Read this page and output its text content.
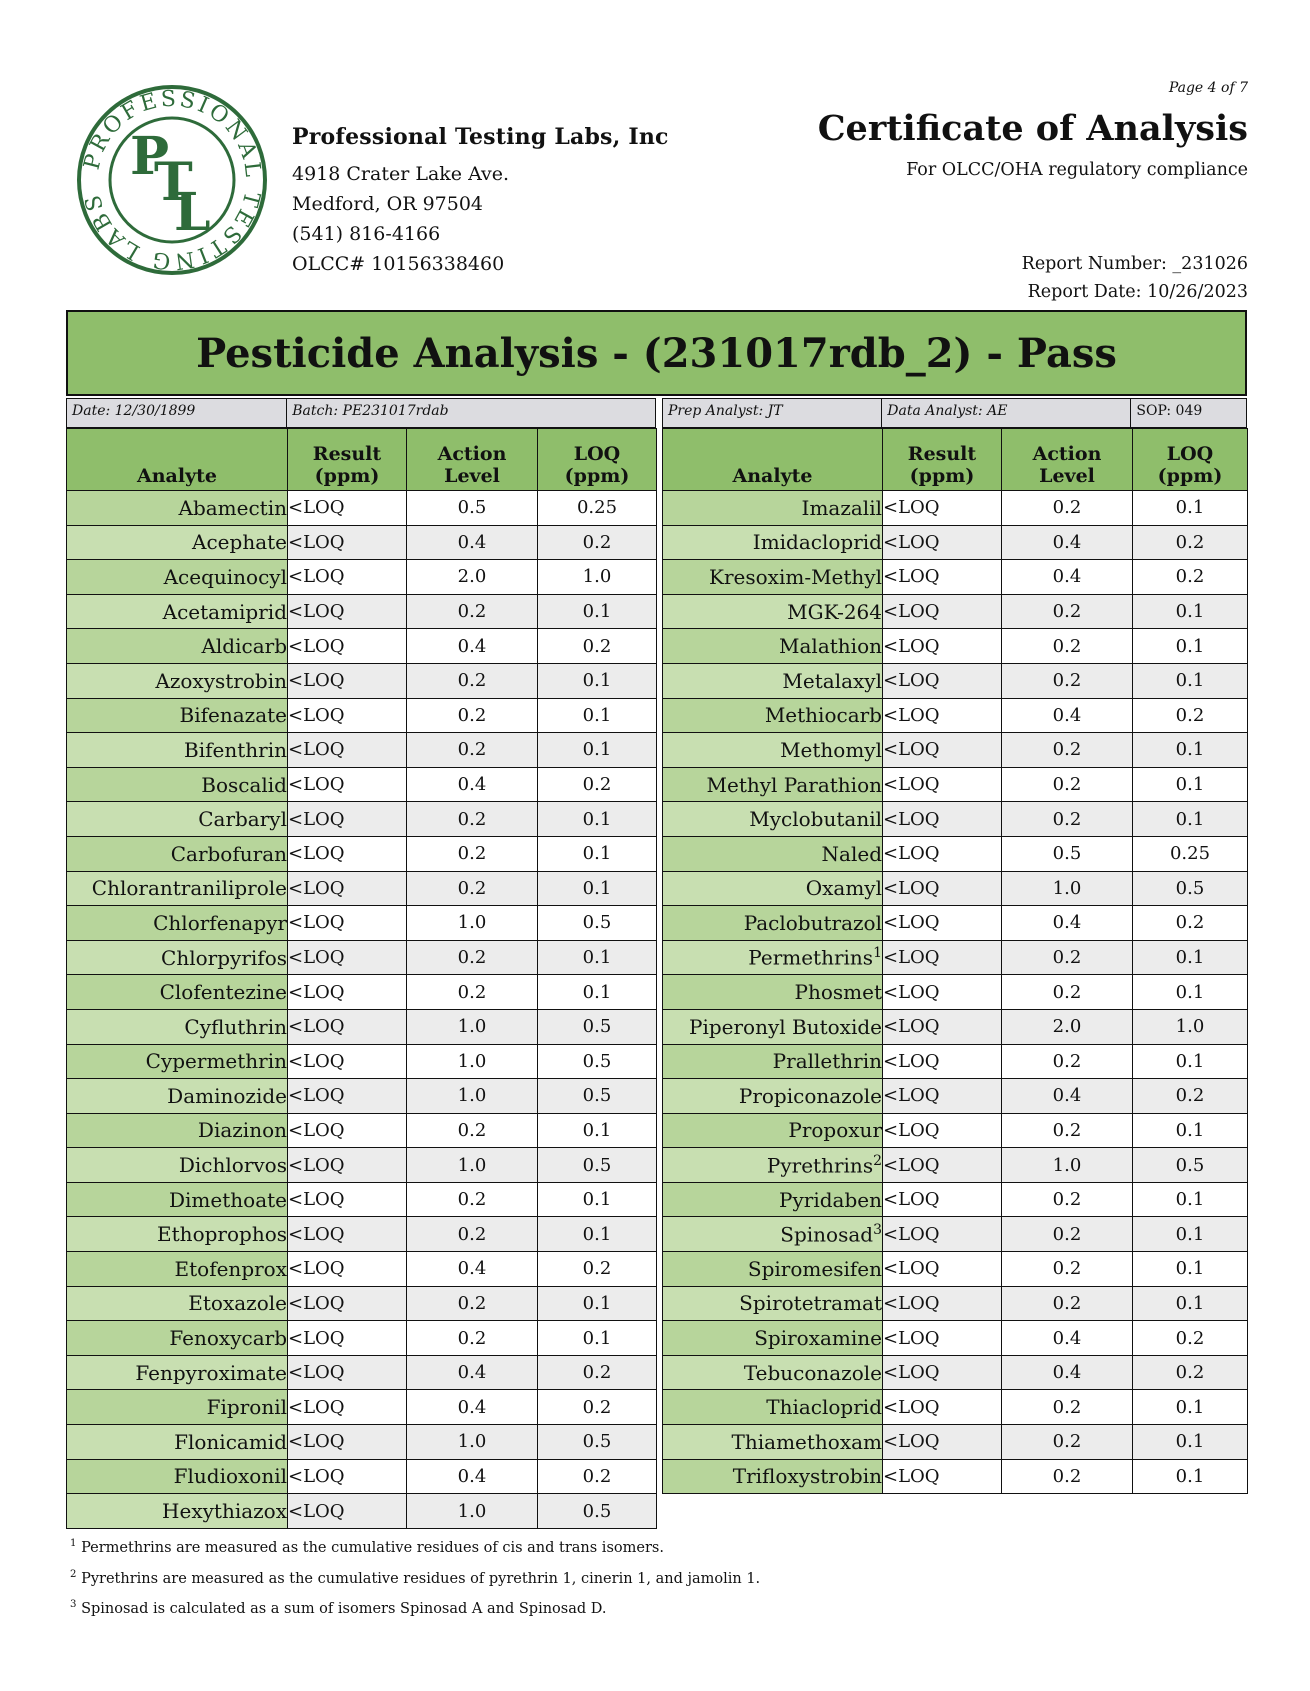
PROFESSIONAL TESTING LABS
P
T
L
Professional Testing Labs, Inc
4918 Crater Lake Ave.
Medford, OR 97504
(541) 816-4166
OLCC# 10156338460
Page 4 of 7
Certificate of Analysis
For OLCC/OHA regulatory compliance
Report Number: _231026
Report Date: 10/26/2023
Pesticide Analysis - (231017rdb_2) - Pass
Date: 12/30/1899	Batch: PE231017rdab	Prep Analyst: JT	Data Analyst: AE	SOP: 049
Analyte	Result
(ppm)	Action Level	LOQ
(ppm)
Abamectin	<LOQ	0.5	0.25
Acephate	<LOQ	0.4	0.2
Acequinocyl	<LOQ	2.0	1.0
Acetamiprid	<LOQ	0.2	0.1
Aldicarb	<LOQ	0.4	0.2
Azoxystrobin	<LOQ	0.2	0.1
Bifenazate	<LOQ	0.2	0.1
Bifenthrin	<LOQ	0.2	0.1
Boscalid	<LOQ	0.4	0.2
Carbaryl	<LOQ	0.2	0.1
Carbofuran	<LOQ	0.2	0.1
Chlorantraniliprole	<LOQ	0.2	0.1
Chlorfenapyr	<LOQ	1.0	0.5
Chlorpyrifos	<LOQ	0.2	0.1
Clofentezine	<LOQ	0.2	0.1
Cyfluthrin	<LOQ	1.0	0.5
Cypermethrin	<LOQ	1.0	0.5
Daminozide	<LOQ	1.0	0.5
Diazinon	<LOQ	0.2	0.1
Dichlorvos	<LOQ	1.0	0.5
Dimethoate	<LOQ	0.2	0.1
Ethoprophos	<LOQ	0.2	0.1
Etofenprox	<LOQ	0.4	0.2
Etoxazole	<LOQ	0.2	0.1
Fenoxycarb	<LOQ	0.2	0.1
Fenpyroximate	<LOQ	0.4	0.2
Fipronil	<LOQ	0.4	0.2
Flonicamid	<LOQ	1.0	0.5
Fludioxonil	<LOQ	0.4	0.2
Hexythiazox	<LOQ	1.0	0.5
Analyte	Result
(ppm)	Action Level	LOQ
(ppm)
Imazalil	<LOQ	0.2	0.1
Imidacloprid	<LOQ	0.4	0.2
Kresoxim-Methyl	<LOQ	0.4	0.2
MGK-264	<LOQ	0.2	0.1
Malathion	<LOQ	0.2	0.1
Metalaxyl	<LOQ	0.2	0.1
Methiocarb	<LOQ	0.4	0.2
Methomyl	<LOQ	0.2	0.1
Methyl Parathion	<LOQ	0.2	0.1
Myclobutanil	<LOQ	0.2	0.1
Naled	<LOQ	0.5	0.25
Oxamyl	<LOQ	1.0	0.5
Paclobutrazol	<LOQ	0.4	0.2
Permethrins$^1$	<LOQ	0.2	0.1
Phosmet	<LOQ	0.2	0.1
Piperonyl Butoxide	<LOQ	2.0	1.0
Prallethrin	<LOQ	0.2	0.1
Propiconazole	<LOQ	0.4	0.2
Propoxur	<LOQ	0.2	0.1
Pyrethrins$^2$	<LOQ	1.0	0.5
Pyridaben	<LOQ	0.2	0.1
Spinosad$^3$	<LOQ	0.2	0.1
Spiromesifen	<LOQ	0.2	0.1
Spirotetramat	<LOQ	0.2	0.1
Spiroxamine	<LOQ	0.4	0.2
Tebuconazole	<LOQ	0.4	0.2
Thiacloprid	<LOQ	0.2	0.1
Thiamethoxam	<LOQ	0.2	0.1
Trifloxystrobin	<LOQ	0.2	0.1
$^1$ Permethrins are measured as the cumulative residues of cis and trans isomers.
$^2$ Pyrethrins are measured as the cumulative residues of pyrethrin 1, cinerin 1, and jamolin 1.
$^3$ Spinosad is calculated as a sum of isomers Spinosad A and Spinosad D.
